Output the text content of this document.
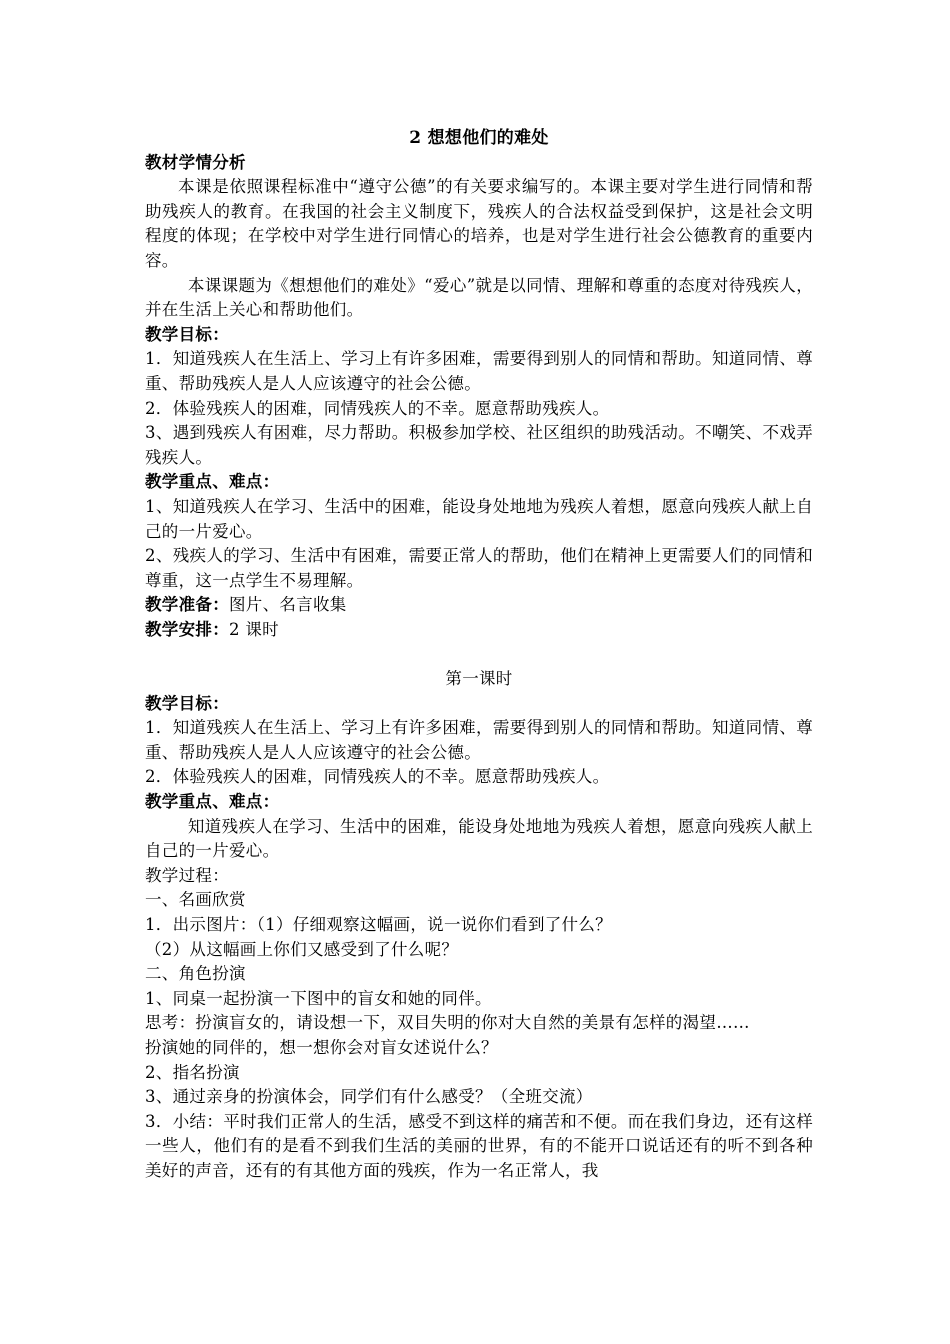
2 想想他们的难处

教材学情分析

本课是依照课程标准中“遵守公德”的有关要求编写的。本课主要对学生进行同情和帮助残疾人的教育。在我国的社会主义制度下，残疾人的合法权益受到保护，这是社会文明程度的体现；在学校中对学生进行同情心的培养，也是对学生进行社会公德教育的重要内容。

本课课题为《想想他们的难处》“爱心”就是以同情、理解和尊重的态度对待残疾人，并在生活上关心和帮助他们。

教学目标：

1．知道残疾人在生活上、学习上有许多困难，需要得到别人的同情和帮助。知道同情、尊重、帮助残疾人是人人应该遵守的社会公德。

2．体验残疾人的困难，同情残疾人的不幸。愿意帮助残疾人。

3、遇到残疾人有困难，尽力帮助。积极参加学校、社区组织的助残活动。不嘲笑、不戏弄残疾人。

教学重点、难点：

1、知道残疾人在学习、生活中的困难，能设身处地地为残疾人着想，愿意向残疾人献上自己的一片爱心。

2、残疾人的学习、生活中有困难，需要正常人的帮助，他们在精神上更需要人们的同情和尊重，这一点学生不易理解。

教学准备：图片、名言收集

教学安排：2 课时

第一课时

教学目标：

1．知道残疾人在生活上、学习上有许多困难，需要得到别人的同情和帮助。知道同情、尊重、帮助残疾人是人人应该遵守的社会公德。

2．体验残疾人的困难，同情残疾人的不幸。愿意帮助残疾人。

教学重点、难点：

知道残疾人在学习、生活中的困难，能设身处地地为残疾人着想，愿意向残疾人献上自己的一片爱心。

教学过程：

一、名画欣赏

1．出示图片：（1）仔细观察这幅画，说一说你们看到了什么？

（2）从这幅画上你们又感受到了什么呢？

二、角色扮演

1、同桌一起扮演一下图中的盲女和她的同伴。

思考：扮演盲女的，请设想一下，双目失明的你对大自然的美景有怎样的渴望……

扮演她的同伴的，想一想你会对盲女述说什么？

2、指名扮演

3、通过亲身的扮演体会，同学们有什么感受？（全班交流）

3．小结：平时我们正常人的生活，感受不到这样的痛苦和不便。而在我们身边，还有这样一些人，他们有的是看不到我们生活的美丽的世界，有的不能开口说话还有的听不到各种美好的声音，还有的有其他方面的残疾，作为一名正常人，我
